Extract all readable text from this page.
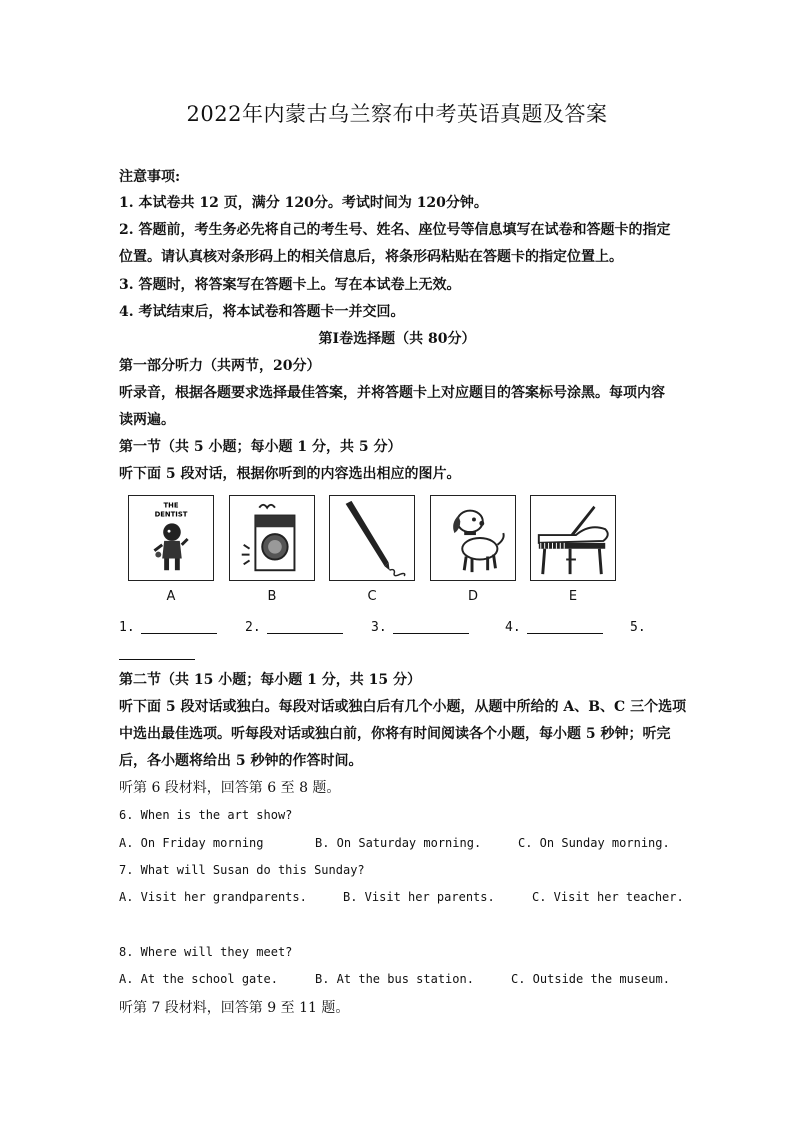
2022年内蒙古乌兰察布中考英语真题及答案
注意事项:
1. 本试卷共 12 页，满分 120分。考试时间为 120分钟。
2. 答题前，考生务必先将自己的考生号、姓名、座位号等信息填写在试卷和答题卡的指定
位置。请认真核对条形码上的相关信息后，将条形码粘贴在答题卡的指定位置上。
3. 答题时，将答案写在答题卡上。写在本试卷上无效。
4. 考试结束后，将本试卷和答题卡一并交回。
第Ⅰ卷选择题（共 80分）
第一部分听力（共两节，20分）
听录音，根据各题要求选择最佳答案，并将答题卡上对应题目的答案标号涂黑。每项内容
读两遍。
第一节（共 5 小题；每小题 1 分，共 5 分）
听下面 5 段对话，根据你听到的内容选出相应的图片。
THE
DENTIST
A	B	C	D	E
1.	2.	3.	4.	5.
第二节（共 15 小题；每小题 1 分，共 15 分）
听下面 5 段对话或独白。每段对话或独白后有几个小题，从题中所给的 A、B、C 三个选项
中选出最佳选项。听每段对话或独白前，你将有时间阅读各个小题，每小题 5 秒钟；听完
后，各小题将给出 5 秒钟的作答时间。
听第 6 段材料，回答第 6 至 8 题。
6. When is the art show?
A. On Friday morning	B. On Saturday morning.	C. On Sunday morning.
7. What will Susan do this Sunday?
A. Visit her grandparents.	B. Visit her parents.	C. Visit her teacher.
8. Where will they meet?
A. At the school gate.	B. At the bus station.	C. Outside the museum.
听第 7 段材料，回答第 9 至 11 题。
